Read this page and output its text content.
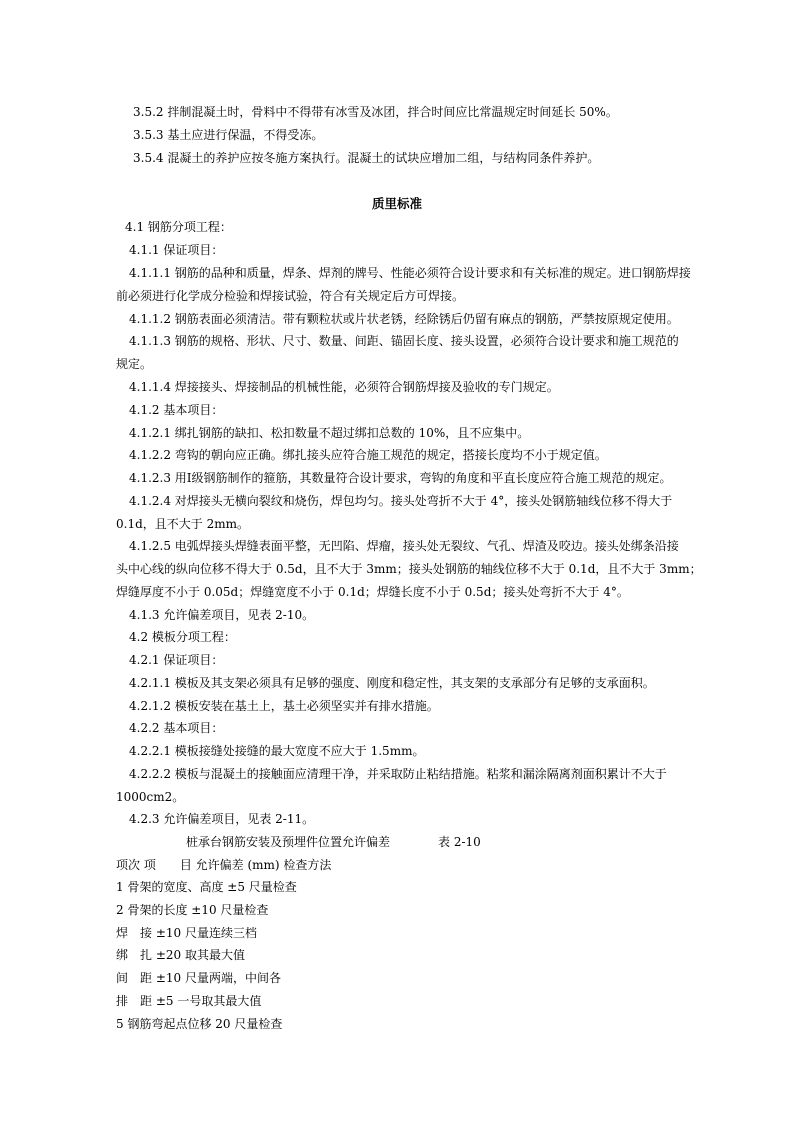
3.5.2 拌制混凝土时，骨料中不得带有冰雪及冰团，拌合时间应比常温规定时间延长 50%。
3.5.3 基土应进行保温，不得受冻。
3.5.4 混凝土的养护应按冬施方案执行。混凝土的试块应增加二组，与结构同条件养护。
质里标准
4.1 钢筋分项工程：
4.1.1 保证项目：
4.1.1.1 钢筋的品种和质量，焊条、焊剂的牌号、性能必须符合设计要求和有关标准的规定。进口钢筋焊接
前必须进行化学成分检验和焊接试验，符合有关规定后方可焊接。
4.1.1.2 钢筋表面必须清洁。带有颗粒状或片状老锈，经除锈后仍留有麻点的钢筋，严禁按原规定使用。
4.1.1.3 钢筋的规格、形状、尺寸、数量、间距、锚固长度、接头设置，必须符合设计要求和施工规范的
规定。
4.1.1.4 焊接接头、焊接制品的机械性能，必须符合钢筋焊接及验收的专门规定。
4.1.2 基本项目：
4.1.2.1 绑扎钢筋的缺扣、松扣数量不超过绑扣总数的 10%，且不应集中。
4.1.2.2 弯钩的朝向应正确。绑扎接头应符合施工规范的规定，搭接长度均不小于规定值。
4.1.2.3 用Ⅰ级钢筋制作的箍筋，其数量符合设计要求，弯钩的角度和平直长度应符合施工规范的规定。
4.1.2.4 对焊接头无横向裂纹和烧伤，焊包均匀。接头处弯折不大于 4°，接头处钢筋轴线位移不得大于
0.1d，且不大于 2mm。
4.1.2.5 电弧焊接头焊缝表面平整，无凹陷、焊瘤，接头处无裂纹、气孔、焊渣及咬边。接头处绑条沿接
头中心线的纵向位移不得大于 0.5d，且不大于 3mm；接头处钢筋的轴线位移不大于 0.1d，且不大于 3mm；
焊缝厚度不小于 0.05d；焊缝宽度不小于 0.1d；焊缝长度不小于 0.5d；接头处弯折不大于 4°。
4.1.3 允许偏差项目，见表 2-10。
4.2 模板分项工程：
4.2.1 保证项目：
4.2.1.1 模板及其支架必须具有足够的强度、刚度和稳定性，其支架的支承部分有足够的支承面积。
4.2.1.2 模板安装在基土上，基土必须坚实并有排水措施。
4.2.2 基本项目：
4.2.2.1 模板接缝处接缝的最大宽度不应大于 1.5mm。
4.2.2.2 模板与混凝土的接触面应清理干净，并采取防止粘结措施。粘浆和漏涂隔离剂面积累计不大于
1000cm2。
4.2.3 允许偏差项目，见表 2-11。
桩承台钢筋安装及预埋件位置允许偏差	表 2-10
项次 项　　目 允许偏差 (mm) 检查方法
1 骨架的宽度、高度 ±5 尺量检查
2 骨架的长度 ±10 尺量检查
焊　接 ±10 尺量连续三档
绑　扎 ±20 取其最大值
间　距 ±10 尺量两端，中间各
排　距 ±5 一号取其最大值
5 钢筋弯起点位移 20 尺量检查
